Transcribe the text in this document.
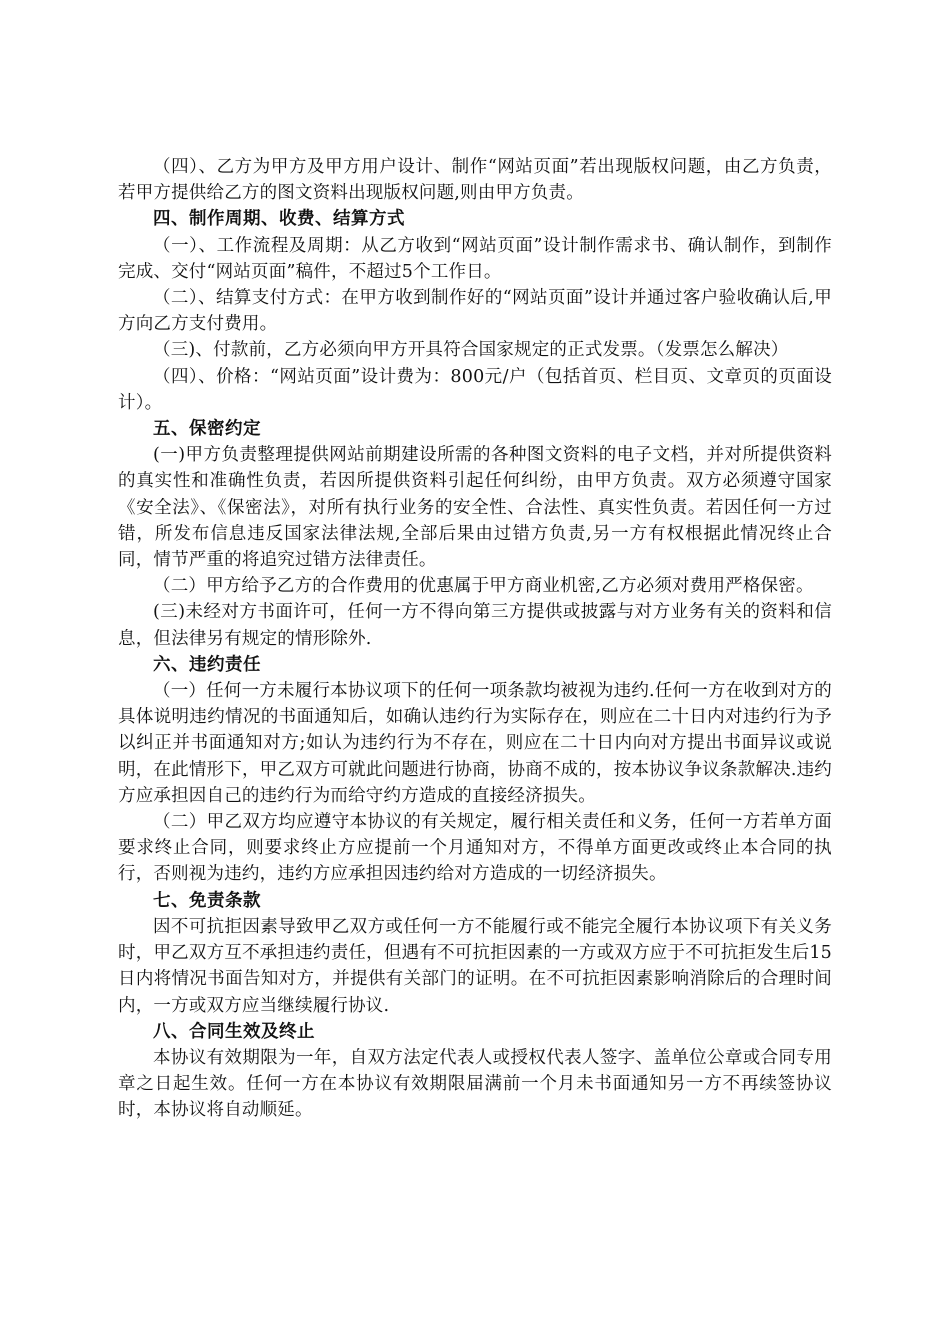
（四）、乙方为甲方及甲方用户设计、制作“网站页面”若出现版权问题，由乙方负责，若甲方提供给乙方的图文资料出现版权问题,则由甲方负责。

四、制作周期、收费、结算方式

（一）、工作流程及周期：从乙方收到“网站页面”设计制作需求书、确认制作，到制作完成、交付“网站页面”稿件，不超过5个工作日。

（二）、结算支付方式：在甲方收到制作好的“网站页面”设计并通过客户验收确认后,甲方向乙方支付费用。

（三)、付款前，乙方必须向甲方开具符合国家规定的正式发票。（发票怎么解决）

（四）、价格：“网站页面”设计费为：800元/户（包括首页、栏目页、文章页的页面设计）。

五、保密约定

(一)甲方负责整理提供网站前期建设所需的各种图文资料的电子文档，并对所提供资料的真实性和准确性负责，若因所提供资料引起任何纠纷，由甲方负责。双方必须遵守国家《安全法》、《保密法》，对所有执行业务的安全性、合法性、真实性负责。若因任何一方过错，所发布信息违反国家法律法规,全部后果由过错方负责,另一方有权根据此情况终止合同，情节严重的将追究过错方法律责任。

（二）甲方给予乙方的合作费用的优惠属于甲方商业机密,乙方必须对费用严格保密。

(三)未经对方书面许可，任何一方不得向第三方提供或披露与对方业务有关的资料和信息，但法律另有规定的情形除外.

六、违约责任

（一）任何一方未履行本协议项下的任何一项条款均被视为违约.任何一方在收到对方的具体说明违约情况的书面通知后，如确认违约行为实际存在，则应在二十日内对违约行为予以纠正并书面通知对方;如认为违约行为不存在，则应在二十日内向对方提出书面异议或说明，在此情形下，甲乙双方可就此问题进行协商，协商不成的，按本协议争议条款解决.违约方应承担因自己的违约行为而给守约方造成的直接经济损失。

（二）甲乙双方均应遵守本协议的有关规定，履行相关责任和义务，任何一方若单方面要求终止合同，则要求终止方应提前一个月通知对方，不得单方面更改或终止本合同的执行，否则视为违约，违约方应承担因违约给对方造成的一切经济损失。

七、免责条款

因不可抗拒因素导致甲乙双方或任何一方不能履行或不能完全履行本协议项下有关义务时，甲乙双方互不承担违约责任，但遇有不可抗拒因素的一方或双方应于不可抗拒发生后15日内将情况书面告知对方，并提供有关部门的证明。在不可抗拒因素影响消除后的合理时间内，一方或双方应当继续履行协议.

八、合同生效及终止

本协议有效期限为一年，自双方法定代表人或授权代表人签字、盖单位公章或合同专用章之日起生效。任何一方在本协议有效期限届满前一个月未书面通知另一方不再续签协议时，本协议将自动顺延。
